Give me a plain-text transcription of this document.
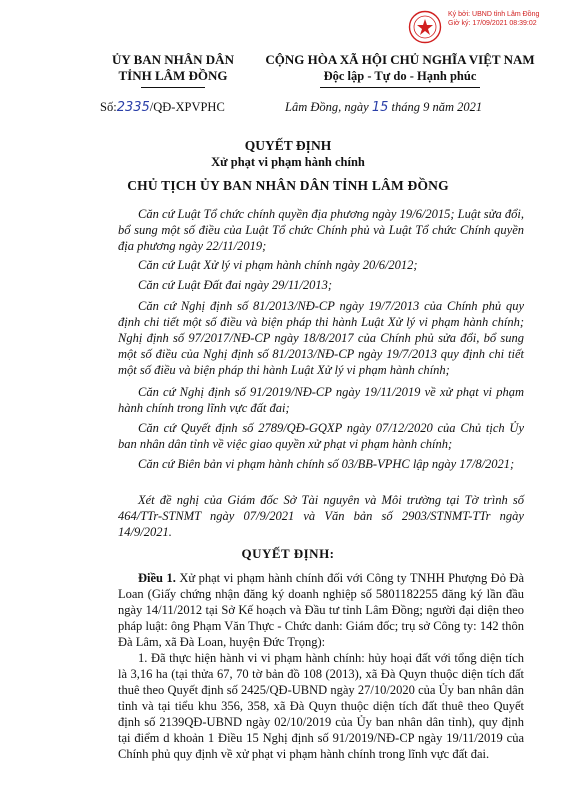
Ký bởi: UBND tỉnh Lâm Đồng
Giờ ký: 17/09/2021 08:39:02
ỦY BAN NHÂN DÂN
TỈNH LÂM ĐỒNG
CỘNG HÒA XÃ HỘI CHỦ NGHĨA VIỆT NAM
Độc lập - Tự do - Hạnh phúc
Số:2335/QĐ-XPVPHC	Lâm Đồng, ngày 15 tháng 9 năm 2021
QUYẾT ĐỊNH
Xử phạt vi phạm hành chính
CHỦ TỊCH ỦY BAN NHÂN DÂN TỈNH LÂM ĐỒNG

Căn cứ Luật Tổ chức chính quyền địa phương ngày 19/6/2015; Luật sửa đổi, bổ sung một số điều của Luật Tổ chức Chính phủ và Luật Tổ chức Chính quyền địa phương ngày 22/11/2019;

Căn cứ Luật Xử lý vi phạm hành chính ngày 20/6/2012;

Căn cứ Luật Đất đai ngày 29/11/2013;

Căn cứ Nghị định số 81/2013/NĐ-CP ngày 19/7/2013 của Chính phủ quy định chi tiết một số điều và biện pháp thi hành Luật Xử lý vi phạm hành chính; Nghị định số 97/2017/NĐ-CP ngày 18/8/2017 của Chính phủ sửa đổi, bổ sung một số điều của Nghị định số 81/2013/NĐ-CP ngày 19/7/2013 quy định chi tiết một số điều và biện pháp thi hành Luật Xử lý vi phạm hành chính;

Căn cứ Nghị định số 91/2019/NĐ-CP ngày 19/11/2019 về xử phạt vi phạm hành chính trong lĩnh vực đất đai;

Căn cứ Quyết định số 2789/QĐ-GQXP ngày 07/12/2020 của Chủ tịch Ủy ban nhân dân tỉnh về việc giao quyền xử phạt vi phạm hành chính;

Căn cứ Biên bản vi phạm hành chính số 03/BB-VPHC lập ngày 17/8/2021;

Xét đề nghị của Giám đốc Sở Tài nguyên và Môi trường tại Tờ trình số 464/TTr-STNMT ngày 07/9/2021 và Văn bản số 2903/STNMT-TTr ngày 14/9/2021.

QUYẾT ĐỊNH:

Điều 1. Xử phạt vi phạm hành chính đối với Công ty TNHH Phượng Đỏ Đà Loan (Giấy chứng nhận đăng ký doanh nghiệp số 5801182255 đăng ký lần đầu ngày 14/11/2012 tại Sở Kế hoạch và Đầu tư tỉnh Lâm Đồng; người đại diện theo pháp luật: ông Phạm Văn Thực - Chức danh: Giám đốc; trụ sở Công ty: 142 thôn Đà Lâm, xã Đà Loan, huyện Đức Trọng):

1. Đã thực hiện hành vi vi phạm hành chính: hủy hoại đất với tổng diện tích là 3,16 ha (tại thửa 67, 70 tờ bản đồ 108 (2013), xã Đà Quyn thuộc diện tích đất thuê theo Quyết định số 2425/QĐ-UBND ngày 27/10/2020 của Ủy ban nhân dân tỉnh và tại tiểu khu 356, 358, xã Đà Quyn thuộc diện tích đất thuê theo Quyết định số 2139QĐ-UBND ngày 02/10/2019 của Ủy ban nhân dân tỉnh), quy định tại điểm d khoản 1 Điều 15 Nghị định số 91/2019/NĐ-CP ngày 19/11/2019 của Chính phủ quy định về xử phạt vi phạm hành chính trong lĩnh vực đất đai.
